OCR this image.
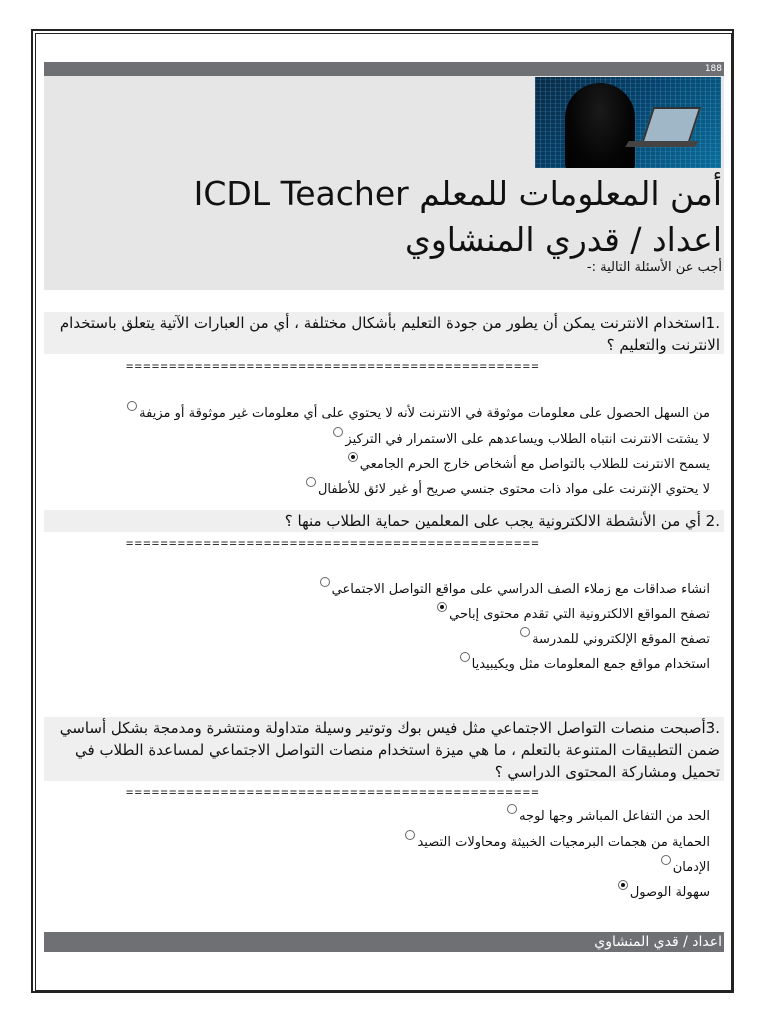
188
أمن المعلومات للمعلم ICDL Teacher
اعداد / قدري المنشاوي
أجب عن الأسئلة التالية :-
.1استخدام الانترنت يمكن أن يطور من جودة التعليم بأشكال مختلفة ، أي من العبارات الآتية يتعلق باستخدام الانترنت والتعليم ؟
================================================
من السهل الحصول على معلومات موثوقة في الانترنت لأنه لا يحتوي على أي معلومات غير موثوقة أو مزيفة
لا يشتت الانترنت انتباه الطلاب ويساعدهم على الاستمرار في التركيز
يسمح الانترنت للطلاب بالتواصل مع أشخاص خارج الحرم الجامعي
لا يحتوي الإنترنت على مواد ذات محتوى جنسي صريح أو غير لائق للأطفال
.2 أي من الأنشطة الالكترونية يجب على المعلمين حماية الطلاب منها ؟
================================================
انشاء صداقات مع زملاء الصف الدراسي على مواقع التواصل الاجتماعي
تصفح المواقع الالكترونية التي تقدم محتوى إباحي
تصفح الموقع الإلكتروني للمدرسة
استخدام مواقع جمع المعلومات مثل ويكيبيديا
.3أصبحت منصات التواصل الاجتماعي مثل فيس بوك وتوتير وسيلة متداولة ومنتشرة ومدمجة بشكل أساسي ضمن التطبيقات المتنوعة بالتعلم ، ما هي ميزة استخدام منصات التواصل الاجتماعي لمساعدة الطلاب في تحميل ومشاركة المحتوى الدراسي ؟
================================================
الحد من التفاعل المباشر وجها لوجه
الحماية من هجمات البرمجيات الخبيثة ومحاولات التصيد
الإدمان
سهولة الوصول
اعداد / قدي المنشاوي
